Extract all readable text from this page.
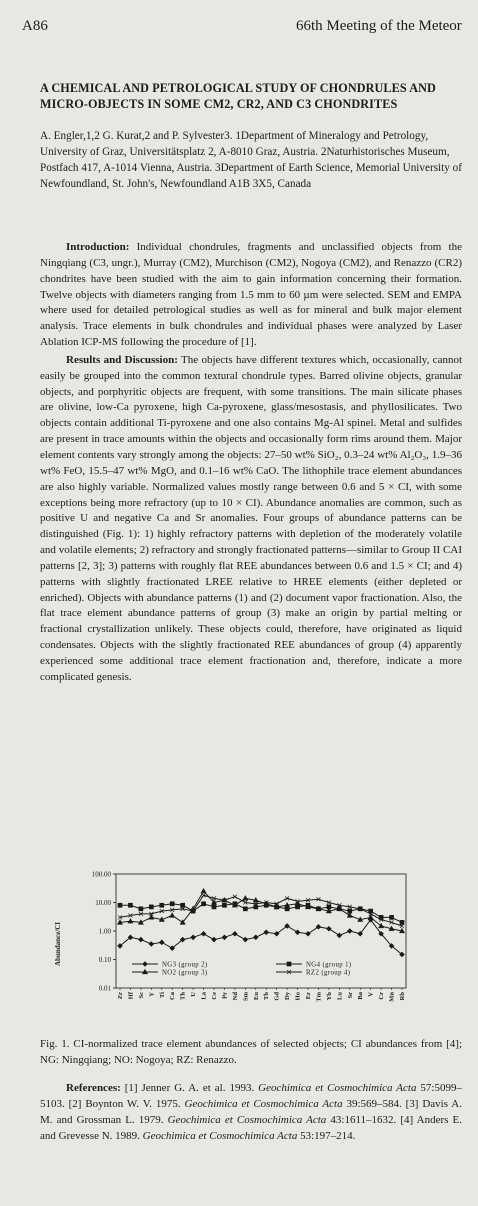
A86	66th Meeting of the Meteor
A CHEMICAL AND PETROLOGICAL STUDY OF CHONDRULES AND MICRO-OBJECTS IN SOME CM2, CR2, AND C3 CHONDRITES
A. Engler,1,2 G. Kurat,2 and P. Sylvester3. 1Department of Mineralogy and Petrology, University of Graz, Universitätsplatz 2, A-8010 Graz, Austria. 2Naturhistorisches Museum, Postfach 417, A-1014 Vienna, Austria. 3Department of Earth Science, Memorial University of Newfoundland, St. John's, Newfoundland A1B 3X5, Canada

Introduction: Individual chondrules, fragments and unclassified objects from the Ningqiang (C3, ungr.), Murray (CM2), Murchison (CM2), Nogoya (CM2), and Renazzo (CR2) chondrites have been studied with the aim to gain information concerning their formation. Twelve objects with diameters ranging from 1.5 mm to 60 µm were selected. SEM and EMPA where used for detailed petrological studies as well as for mineral and bulk major element analysis. Trace elements in bulk chondrules and individual phases were analyzed by Laser Ablation ICP-MS following the procedure of [1].

Results and Discussion: The objects have different textures which, occasionally, cannot easily be grouped into the common textural chondrule types. Barred olivine objects, granular objects, and porphyritic objects are frequent, with some transitions. The main silicate phases are olivine, low-Ca pyroxene, high Ca-pyroxene, glass/mesostasis, and phyllosilicates. Two objects contain additional Ti-pyroxene and one also contains Mg-Al spinel. Metal and sulfides are present in trace amounts within the objects and occasionally form rims around them. Major element contents vary strongly among the objects: 27–50 wt% SiO₂, 0.3–24 wt% Al₂O₃, 1.9–36 wt% FeO, 15.5–47 wt% MgO, and 0.1–16 wt% CaO. The lithophile trace element abundances are also highly variable. Normalized values mostly range between 0.6 and 5 × CI, with some exceptions being more refractory (up to 10 × CI). Abundance anomalies are common, such as positive U and negative Ca and Sr anomalies. Four groups of abundance patterns can be distinguished (Fig. 1): 1) highly refractory patterns with depletion of the moderately volatile and volatile elements; 2) refractory and strongly fractionated patterns—similar to Group II CAI patterns [2, 3]; 3) patterns with roughly flat REE abundances between 0.6 and 1.5 × CI; and 4) patterns with slightly fractionated LREE relative to HREE elements (either depleted or enriched). Objects with abundance patterns (1) and (2) document vapor fractionation. Also, the flat trace element abundance patterns of group (3) make an origin by partial melting or fractional crystallization unlikely. These objects could, therefore, have originated as liquid condensates. Objects with the slightly fractionated REE abundances of group (4) apparently experienced some additional trace element fractionation and, therefore, indicate a more complicated genesis.

100.00
10.00
1.00
0.10
0.01
Zr Hf Sc Y Ti Ca Th U La Ce Pr Nd Sm Eu Tb Gd Dy Ho Er Tm Yb Lu Sr Ba V Cr Mn Rb
NG3 (group 2)
NO2 (group 3)
NG4 (group 1)
RZ2 (group 4)
Abundance/CI
Fig. 1. CI-normalized trace element abundances of selected objects; CI abundances from [4]; NG: Ningqiang; NO: Nogoya; RZ: Renazzo.
References: [1] Jenner G. A. et al. 1993. Geochimica et Cosmochimica Acta 57:5099–5103. [2] Boynton W. V. 1975. Geochimica et Cosmochimica Acta 39:569–584. [3] Davis A. M. and Grossman L. 1979. Geochimica et Cosmochimica Acta 43:1611–1632. [4] Anders E. and Grevesse N. 1989. Geochimica et Cosmochimica Acta 53:197–214.
